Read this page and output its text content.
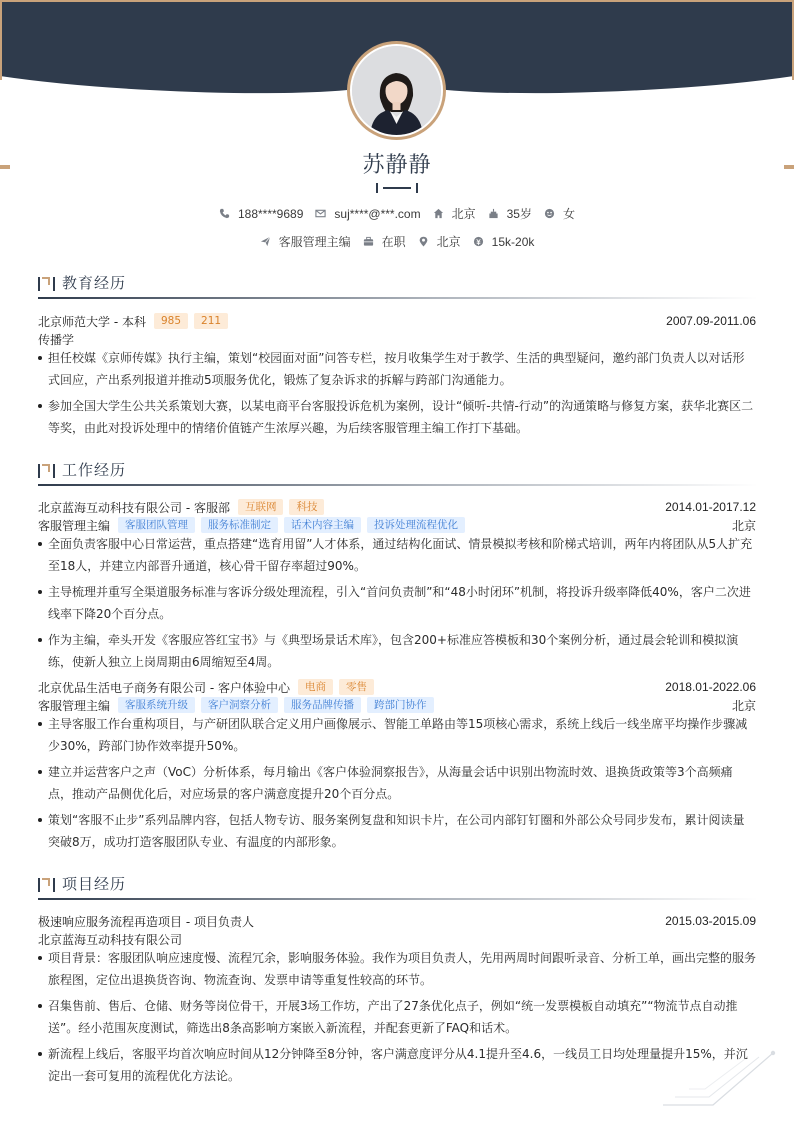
苏静静
188****9689	suj****@***.com	北京	35岁	女
客服管理主编	在职	北京	15k-20k
教育经历
北京师范大学 - 本科	985	211	2007.09-2011.06
传播学
担任校媒《京师传媒》执行主编，策划“校园面对面”问答专栏，按月收集学生对于教学、生活的典型疑问，邀约部门负责人以对话形式回应，产出系列报道并推动5项服务优化，锻炼了复杂诉求的拆解与跨部门沟通能力。
参加全国大学生公共关系策划大赛，以某电商平台客服投诉危机为案例，设计“倾听-共情-行动”的沟通策略与修复方案，获华北赛区二等奖，由此对投诉处理中的情绪价值链产生浓厚兴趣，为后续客服管理主编工作打下基础。
工作经历
北京蓝海互动科技有限公司 - 客服部	互联网	科技	2014.01-2017.12
客服管理主编	客服团队管理	服务标准制定	话术内容主编	投诉处理流程优化	北京
全面负责客服中心日常运营，重点搭建“选育用留”人才体系，通过结构化面试、情景模拟考核和阶梯式培训，两年内将团队从5人扩充至18人，并建立内部晋升通道，核心骨干留存率超过90%。
主导梳理并重写全渠道服务标准与客诉分级处理流程，引入“首问负责制”和“48小时闭环”机制，将投诉升级率降低40%，客户二次进线率下降20个百分点。
作为主编，牵头开发《客服应答红宝书》与《典型场景话术库》，包含200+标准应答模板和30个案例分析，通过晨会轮训和模拟演练，使新人独立上岗周期由6周缩短至4周。
北京优品生活电子商务有限公司 - 客户体验中心	电商	零售	2018.01-2022.06
客服管理主编	客服系统升级	客户洞察分析	服务品牌传播	跨部门协作	北京
主导客服工作台重构项目，与产研团队联合定义用户画像展示、智能工单路由等15项核心需求，系统上线后一线坐席平均操作步骤减少30%，跨部门协作效率提升50%。
建立并运营客户之声（VoC）分析体系，每月输出《客户体验洞察报告》，从海量会话中识别出物流时效、退换货政策等3个高频痛点，推动产品侧优化后，对应场景的客户满意度提升20个百分点。
策划“客服不止步”系列品牌内容，包括人物专访、服务案例复盘和知识卡片，在公司内部钉钉圈和外部公众号同步发布，累计阅读量突破8万，成功打造客服团队专业、有温度的内部形象。
项目经历
极速响应服务流程再造项目 - 项目负责人	2015.03-2015.09
北京蓝海互动科技有限公司
项目背景：客服团队响应速度慢、流程冗余，影响服务体验。我作为项目负责人，先用两周时间跟听录音、分析工单，画出完整的服务旅程图，定位出退换货咨询、物流查询、发票申请等重复性较高的环节。
召集售前、售后、仓储、财务等岗位骨干，开展3场工作坊，产出了27条优化点子，例如“统一发票模板自动填充”“物流节点自动推送”。经小范围灰度测试，筛选出8条高影响方案嵌入新流程，并配套更新了FAQ和话术。
新流程上线后，客服平均首次响应时间从12分钟降至8分钟，客户满意度评分从4.1提升至4.6，一线员工日均处理量提升15%，并沉淀出一套可复用的流程优化方法论。
